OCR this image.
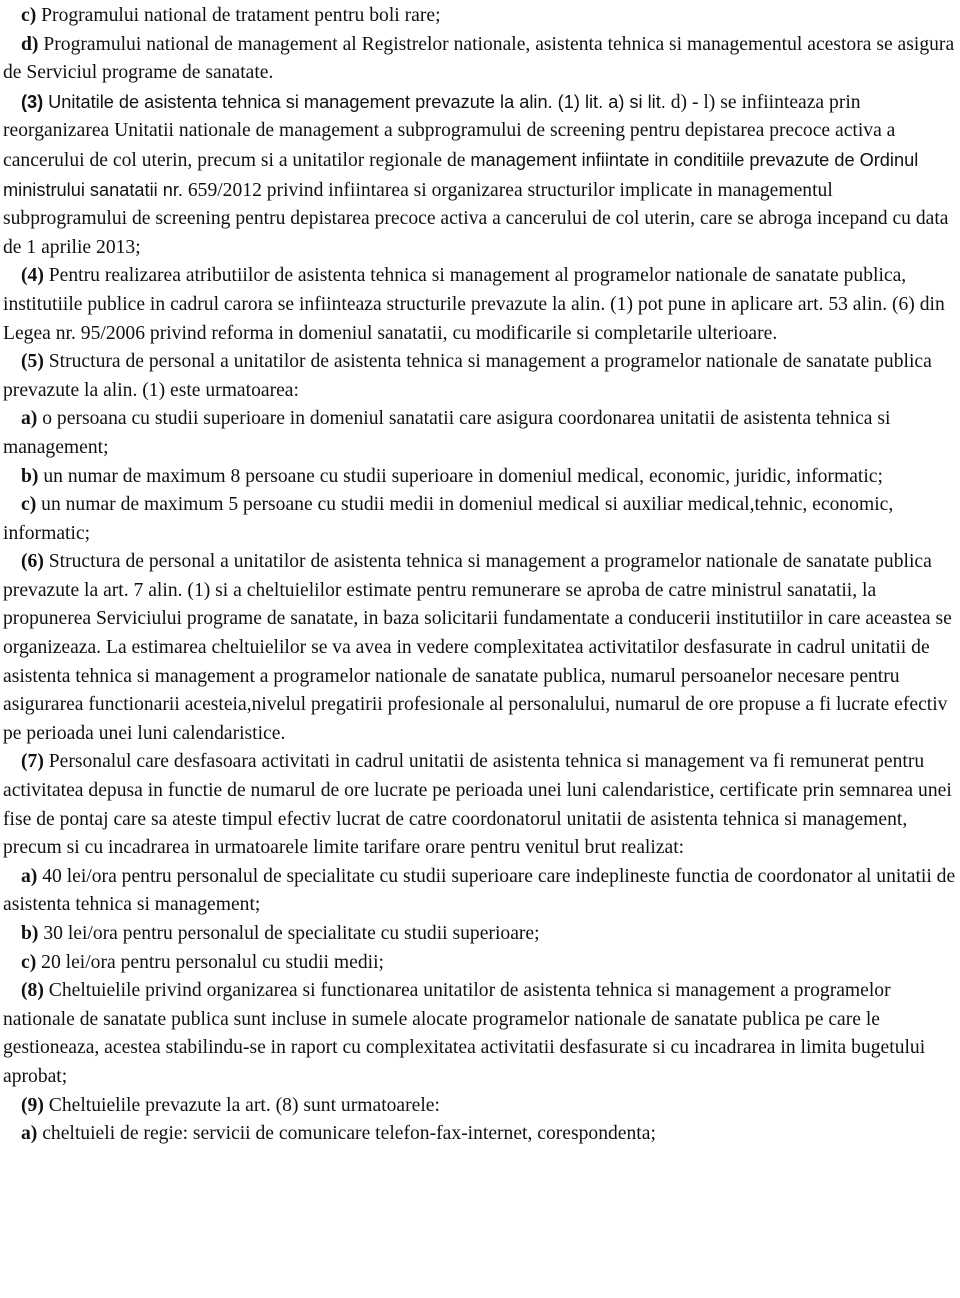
c) Programului national de tratament pentru boli rare;

d) Programului national de management al Registrelor nationale, asistenta tehnica si managementul acestora se asigura de Serviciul programe de sanatate.

(3) Unitatile de asistenta tehnica si management prevazute la alin. (1) lit. a) si lit. d) - l) se infiinteaza prin reorganizarea Unitatii nationale de management a subprogramului de screening pentru depistarea precoce activa a cancerului de col uterin, precum si a unitatilor regionale de management infiintate in conditiile prevazute de Ordinul ministrului sanatatii nr. 659/2012 privind infiintarea si organizarea structurilor implicate in managementul subprogramului de screening pentru depistarea precoce activa a cancerului de col uterin, care se abroga incepand cu data de 1 aprilie 2013;

(4) Pentru realizarea atributiilor de asistenta tehnica si management al programelor nationale de sanatate publica, institutiile publice in cadrul carora se infiinteaza structurile prevazute la alin. (1) pot pune in aplicare art. 53 alin. (6) din Legea nr. 95/2006 privind reforma in domeniul sanatatii, cu modificarile si completarile ulterioare.

(5) Structura de personal a unitatilor de asistenta tehnica si management a programelor nationale de sanatate publica prevazute la alin. (1) este urmatoarea:

a) o persoana cu studii superioare in domeniul sanatatii care asigura coordonarea unitatii de asistenta tehnica si management;

b) un numar de maximum 8 persoane cu studii superioare in domeniul medical, economic, juridic, informatic;

c) un numar de maximum 5 persoane cu studii medii in domeniul medical si auxiliar medical,tehnic, economic, informatic;

(6) Structura de personal a unitatilor de asistenta tehnica si management a programelor nationale de sanatate publica prevazute la art. 7 alin. (1) si a cheltuielilor estimate pentru remunerare se aproba de catre ministrul sanatatii, la propunerea Serviciului programe de sanatate, in baza solicitarii fundamentate a conducerii institutiilor in care aceastea se organizeaza. La estimarea cheltuielilor se va avea in vedere complexitatea activitatilor desfasurate in cadrul unitatii de asistenta tehnica si management a programelor nationale de sanatate publica, numarul persoanelor necesare pentru asigurarea functionarii acesteia,nivelul pregatirii profesionale al personalului, numarul de ore propuse a fi lucrate efectiv pe perioada unei luni calendaristice.

(7) Personalul care desfasoara activitati in cadrul unitatii de asistenta tehnica si management va fi remunerat pentru activitatea depusa in functie de numarul de ore lucrate pe perioada unei luni calendaristice, certificate prin semnarea unei fise de pontaj care sa ateste timpul efectiv lucrat de catre coordonatorul unitatii de asistenta tehnica si management, precum si cu incadrarea in urmatoarele limite tarifare orare pentru venitul brut realizat:

a) 40 lei/ora pentru personalul de specialitate cu studii superioare care indeplineste functia de coordonator al unitatii de asistenta tehnica si management;

b) 30 lei/ora pentru personalul de specialitate cu studii superioare;

c) 20 lei/ora pentru personalul cu studii medii;

(8) Cheltuielile privind organizarea si functionarea unitatilor de asistenta tehnica si management a programelor nationale de sanatate publica sunt incluse in sumele alocate programelor nationale de sanatate publica pe care le gestioneaza, acestea stabilindu-se in raport cu complexitatea activitatii desfasurate si cu incadrarea in limita bugetului aprobat;

(9) Cheltuielile prevazute la art. (8) sunt urmatoarele:

a) cheltuieli de regie: servicii de comunicare telefon-fax-internet, corespondenta;
